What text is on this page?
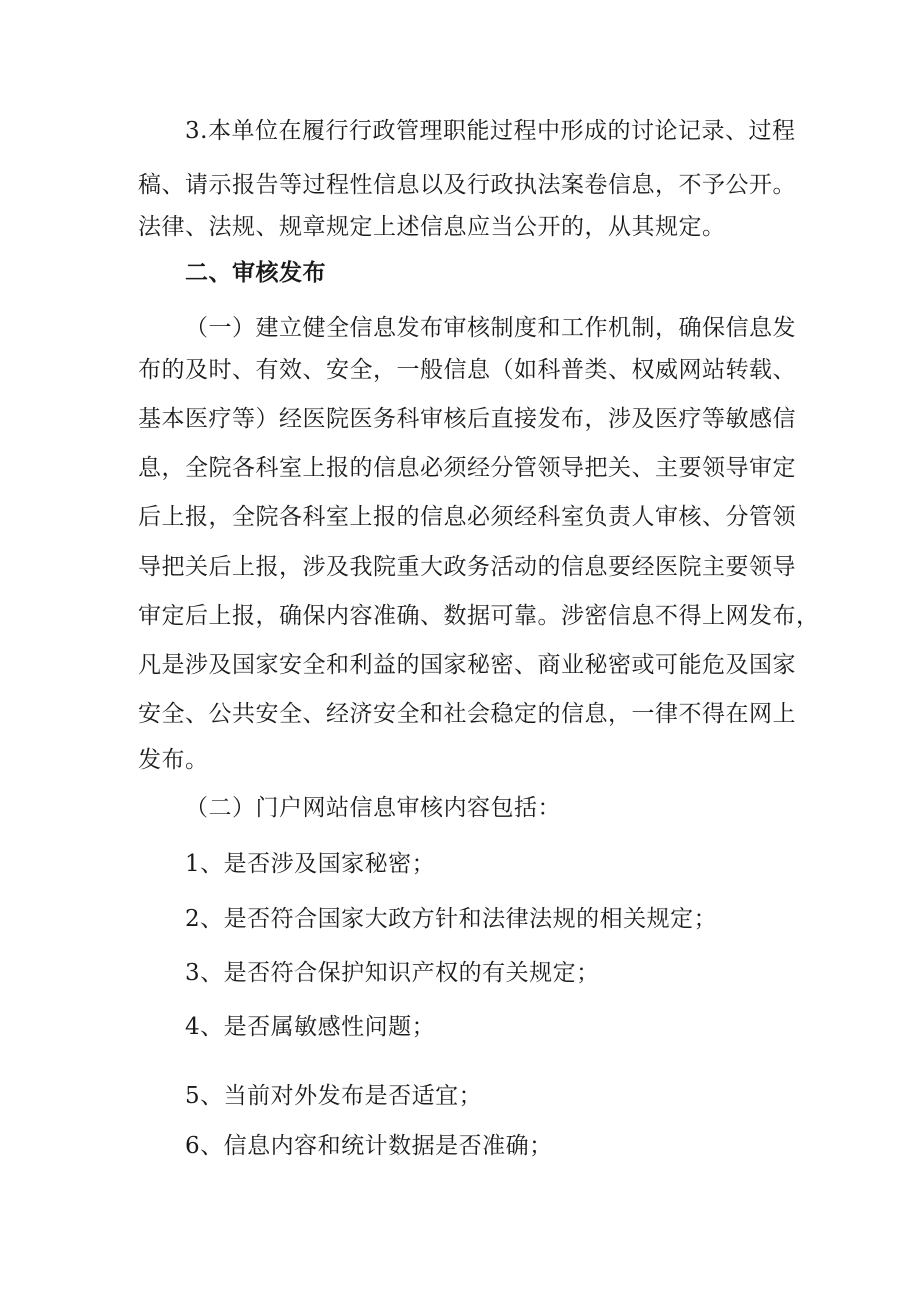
3.本单位在履行行政管理职能过程中形成的讨论记录、过程
稿、请示报告等过程性信息以及行政执法案卷信息，不予公开。
法律、法规、规章规定上述信息应当公开的，从其规定。
二、审核发布
（一）建立健全信息发布审核制度和工作机制，确保信息发
布的及时、有效、安全，一般信息（如科普类、权威网站转载、
基本医疗等）经医院医务科审核后直接发布，涉及医疗等敏感信
息，全院各科室上报的信息必须经分管领导把关、主要领导审定
后上报，全院各科室上报的信息必须经科室负责人审核、分管领
导把关后上报，涉及我院重大政务活动的信息要经医院主要领导
审定后上报，确保内容准确、数据可靠。涉密信息不得上网发布，
凡是涉及国家安全和利益的国家秘密、商业秘密或可能危及国家
安全、公共安全、经济安全和社会稳定的信息，一律不得在网上
发布。
（二）门户网站信息审核内容包括：
1、是否涉及国家秘密；
2、是否符合国家大政方针和法律法规的相关规定；
3、是否符合保护知识产权的有关规定；
4、是否属敏感性问题；
5、当前对外发布是否适宜；
6、信息内容和统计数据是否准确；
